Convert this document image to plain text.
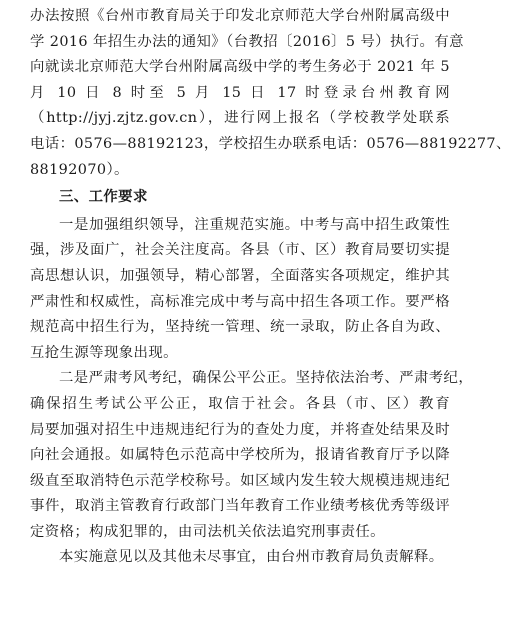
办法按照《台州市教育局关于印发北京师范大学台州附属高级中
学 2016 年招生办法的通知》（台教招〔2016〕5 号）执行。有意
向就读北京师范大学台州附属高级中学的考生务必于 2021 年 5
月 10 日 8 时至 5 月 15 日 17 时登录台州教育网
（http://jyj.zjtz.gov.cn），进行网上报名（学校教学处联系
电话：0576—88192123，学校招生办联系电话：0576—88192277、
88192070）。
三、工作要求
一是加强组织领导，注重规范实施。中考与高中招生政策性
强，涉及面广，社会关注度高。各县（市、区）教育局要切实提
高思想认识，加强领导，精心部署，全面落实各项规定，维护其
严肃性和权威性，高标准完成中考与高中招生各项工作。要严格
规范高中招生行为，坚持统一管理、统一录取，防止各自为政、
互抢生源等现象出现。
二是严肃考风考纪，确保公平公正。坚持依法治考、严肃考纪，
确保招生考试公平公正，取信于社会。各县（市、区）教育
局要加强对招生中违规违纪行为的查处力度，并将查处结果及时
向社会通报。如属特色示范高中学校所为，报请省教育厅予以降
级直至取消特色示范学校称号。如区域内发生较大规模违规违纪
事件，取消主管教育行政部门当年教育工作业绩考核优秀等级评
定资格；构成犯罪的，由司法机关依法追究刑事责任。
本实施意见以及其他未尽事宜，由台州市教育局负责解释。
